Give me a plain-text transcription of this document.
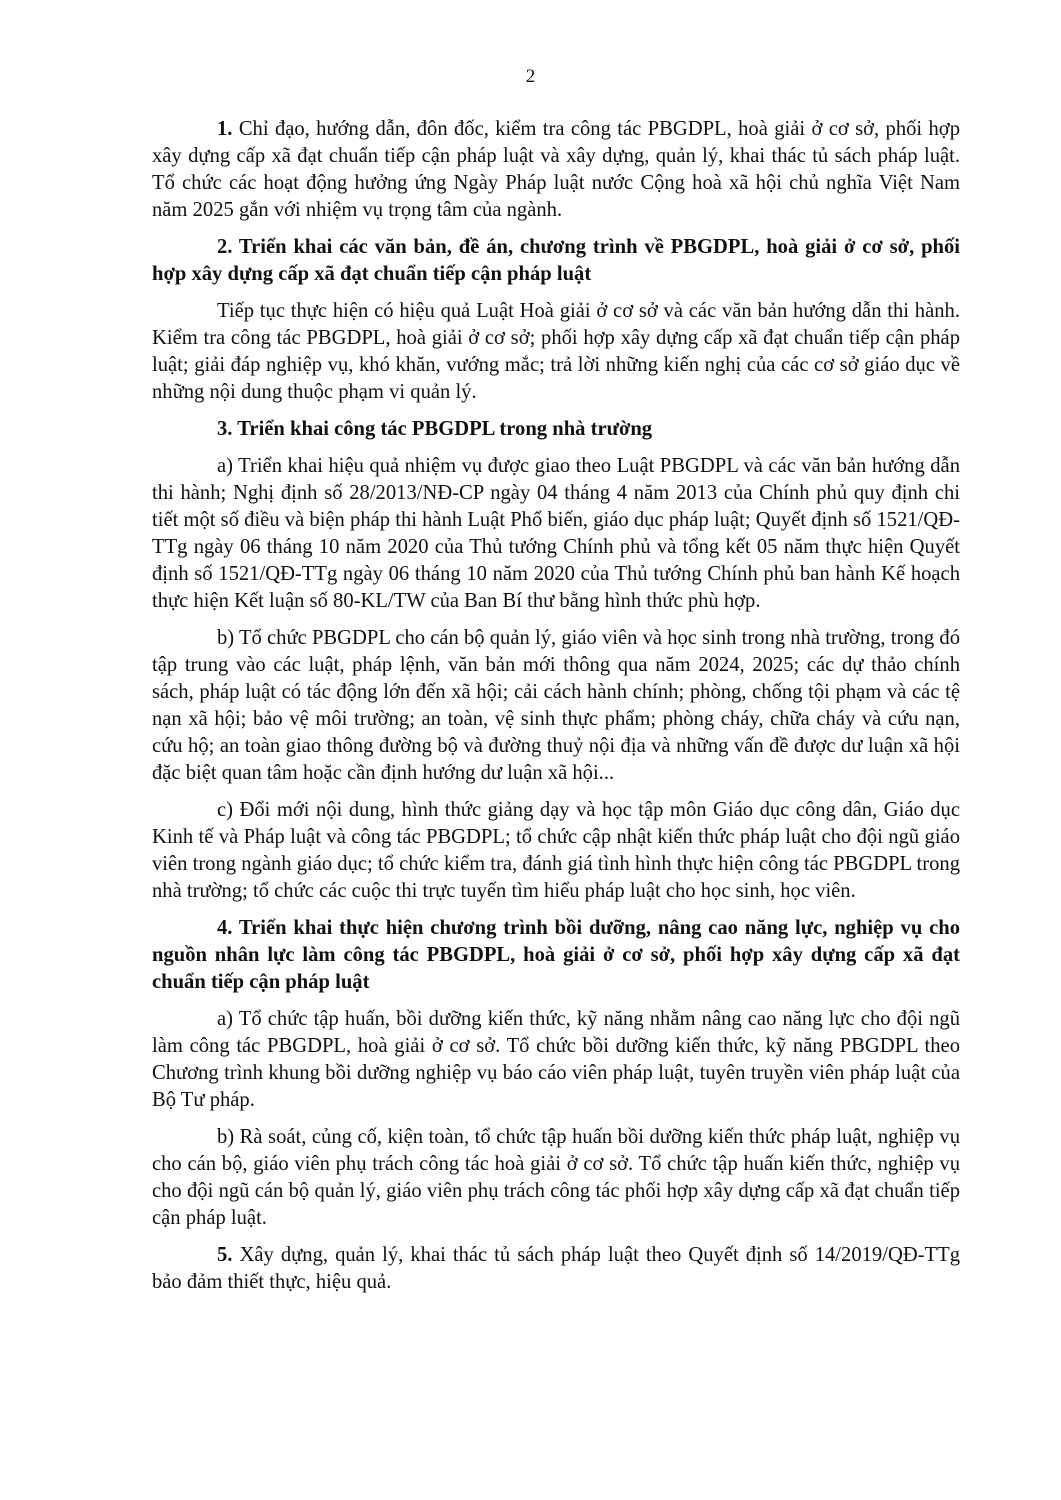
2

1. Chỉ đạo, hướng dẫn, đôn đốc, kiểm tra công tác PBGDPL, hoà giải ở cơ sở, phối hợp xây dựng cấp xã đạt chuẩn tiếp cận pháp luật và xây dựng, quản lý, khai thác tủ sách pháp luật. Tổ chức các hoạt động hưởng ứng Ngày Pháp luật nước Cộng hoà xã hội chủ nghĩa Việt Nam năm 2025 gắn với nhiệm vụ trọng tâm của ngành.

2. Triển khai các văn bản, đề án, chương trình về PBGDPL, hoà giải ở cơ sở, phối hợp xây dựng cấp xã đạt chuẩn tiếp cận pháp luật

Tiếp tục thực hiện có hiệu quả Luật Hoà giải ở cơ sở và các văn bản hướng dẫn thi hành. Kiểm tra công tác PBGDPL, hoà giải ở cơ sở; phối hợp xây dựng cấp xã đạt chuẩn tiếp cận pháp luật; giải đáp nghiệp vụ, khó khăn, vướng mắc; trả lời những kiến nghị của các cơ sở giáo dục về những nội dung thuộc phạm vi quản lý.

3. Triển khai công tác PBGDPL trong nhà trường

a) Triển khai hiệu quả nhiệm vụ được giao theo Luật PBGDPL và các văn bản hướng dẫn thi hành; Nghị định số 28/2013/NĐ-CP ngày 04 tháng 4 năm 2013 của Chính phủ quy định chi tiết một số điều và biện pháp thi hành Luật Phổ biến, giáo dục pháp luật; Quyết định số 1521/QĐ-TTg ngày 06 tháng 10 năm 2020 của Thủ tướng Chính phủ và tổng kết 05 năm thực hiện Quyết định số 1521/QĐ-TTg ngày 06 tháng 10 năm 2020 của Thủ tướng Chính phủ ban hành Kế hoạch thực hiện Kết luận số 80-KL/TW của Ban Bí thư bằng hình thức phù hợp.

b) Tổ chức PBGDPL cho cán bộ quản lý, giáo viên và học sinh trong nhà trường, trong đó tập trung vào các luật, pháp lệnh, văn bản mới thông qua năm 2024, 2025; các dự thảo chính sách, pháp luật có tác động lớn đến xã hội; cải cách hành chính; phòng, chống tội phạm và các tệ nạn xã hội; bảo vệ môi trường; an toàn, vệ sinh thực phẩm; phòng cháy, chữa cháy và cứu nạn, cứu hộ; an toàn giao thông đường bộ và đường thuỷ nội địa và những vấn đề được dư luận xã hội đặc biệt quan tâm hoặc cần định hướng dư luận xã hội...

c) Đổi mới nội dung, hình thức giảng dạy và học tập môn Giáo dục công dân, Giáo dục Kinh tế và Pháp luật và công tác PBGDPL; tổ chức cập nhật kiến thức pháp luật cho đội ngũ giáo viên trong ngành giáo dục; tổ chức kiểm tra, đánh giá tình hình thực hiện công tác PBGDPL trong nhà trường; tổ chức các cuộc thi trực tuyến tìm hiểu pháp luật cho học sinh, học viên.

4. Triển khai thực hiện chương trình bồi dưỡng, nâng cao năng lực, nghiệp vụ cho nguồn nhân lực làm công tác PBGDPL, hoà giải ở cơ sở, phối hợp xây dựng cấp xã đạt chuẩn tiếp cận pháp luật

a) Tổ chức tập huấn, bồi dưỡng kiến thức, kỹ năng nhằm nâng cao năng lực cho đội ngũ làm công tác PBGDPL, hoà giải ở cơ sở. Tổ chức bồi dưỡng kiến thức, kỹ năng PBGDPL theo Chương trình khung bồi dưỡng nghiệp vụ báo cáo viên pháp luật, tuyên truyền viên pháp luật của Bộ Tư pháp.

b) Rà soát, củng cố, kiện toàn, tổ chức tập huấn bồi dưỡng kiến thức pháp luật, nghiệp vụ cho cán bộ, giáo viên phụ trách công tác hoà giải ở cơ sở. Tổ chức tập huấn kiến thức, nghiệp vụ cho đội ngũ cán bộ quản lý, giáo viên phụ trách công tác phối hợp xây dựng cấp xã đạt chuẩn tiếp cận pháp luật.

5. Xây dựng, quản lý, khai thác tủ sách pháp luật theo Quyết định số 14/2019/QĐ-TTg bảo đảm thiết thực, hiệu quả.
